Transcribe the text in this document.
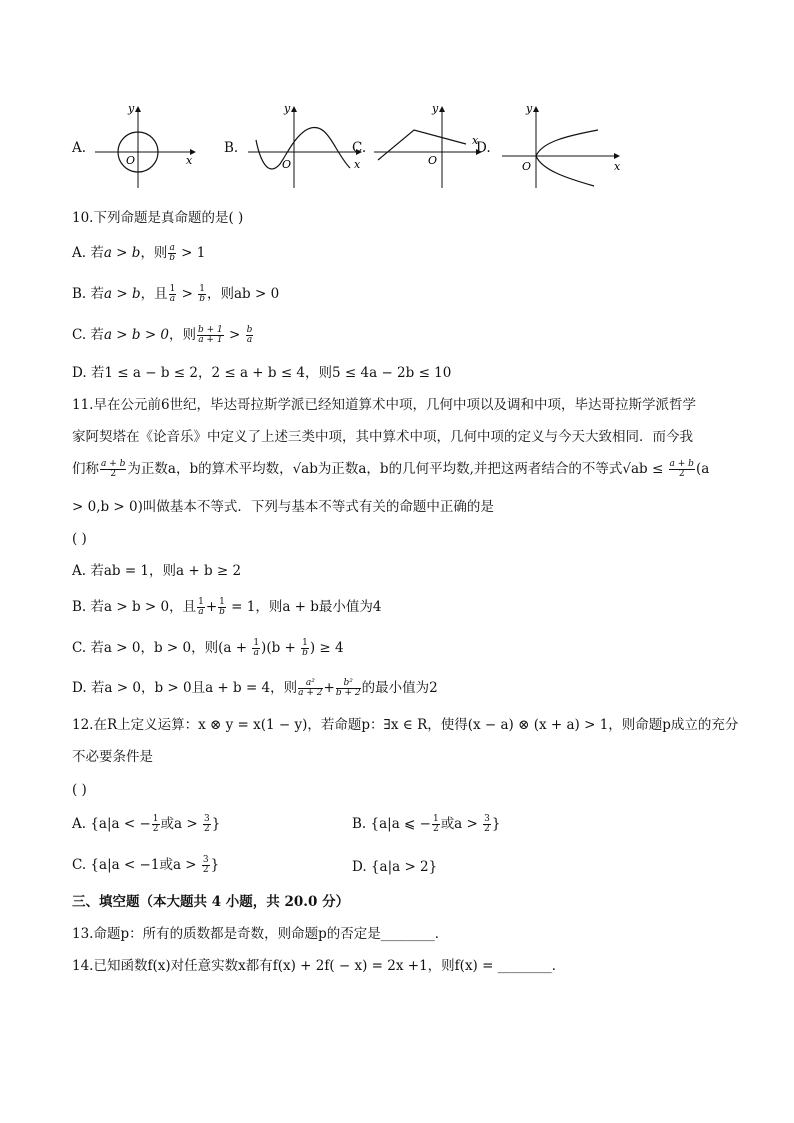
A.
y
x
O
B.
y
x
O
C.
y
x
O
D.
y
x
O
10.下列命题是真命题的是( )
A. 若a > b，则 $\frac{a}{b} > 1$
B. 若a > b，且 $\frac{1}{a} > \frac{1}{b}$ ，则ab > 0
C. 若a > b > 0，则 $\frac{b + 1}{a + 1} > \frac{b}{a}$
D. 若1 ≤ a − b ≤ 2，2 ≤ a + b ≤ 4，则5 ≤ 4a − 2b ≤ 10
11.早在公元前6世纪，毕达哥拉斯学派已经知道算术中项，几何中项以及调和中项，毕达哥拉斯学派哲学
家阿契塔在《论音乐》中定义了上述三类中项，其中算术中项，几何中项的定义与今天大致相同．而今我
们称 $\frac{a + b}{2}$ 为正数a，b的算术平均数，√ab为正数a，b的几何平均数,并把这两者结合的不等式$√ab \le \frac{a + b}{2} (a$
> 0,b > 0)叫做基本不等式．下列与基本不等式有关的命题中正确的是
( )
A. 若ab = 1，则a + b ≥ 2
B. 若a > b > 0，且 $\frac{1}{a} + \frac{1}{b} = 1$，则a + b最小值为4
C. 若a > 0，b > 0，则$(a + \frac{1}{a} )(b + \frac{1}{b}$ ) ≥ 4
D. 若a > 0，b > 0且a + b = 4，则 $\frac{\text{a²}}{a + 2} + \frac{\text{b²}}{b + 2}$ 的最小值为2
12.在R上定义运算：x ⊗ y = x(1 − y)，若命题p：∃x ∈ R，使得(x − a) ⊗ (x + a) > 1，则命题p成立的充分
不必要条件是
( )
A. {a|a < − $\frac{1}{2}$ 或$a > \frac{3}{2}$ }	B. {a|a ⩽ − $\frac{1}{2}$ 或$a > \frac{3}{2}$ }
C. {a|a < −1或$a > \frac{3}{2}$ }	D. {a|a > 2}
三、填空题（本大题共 4 小题，共 20.0 分）
13.命题p：所有的质数都是奇数，则命题p的否定是________．
14.已知函数f(x)对任意实数x都有f(x) + 2f( − x) = 2x +1，则f(x) = ________．
